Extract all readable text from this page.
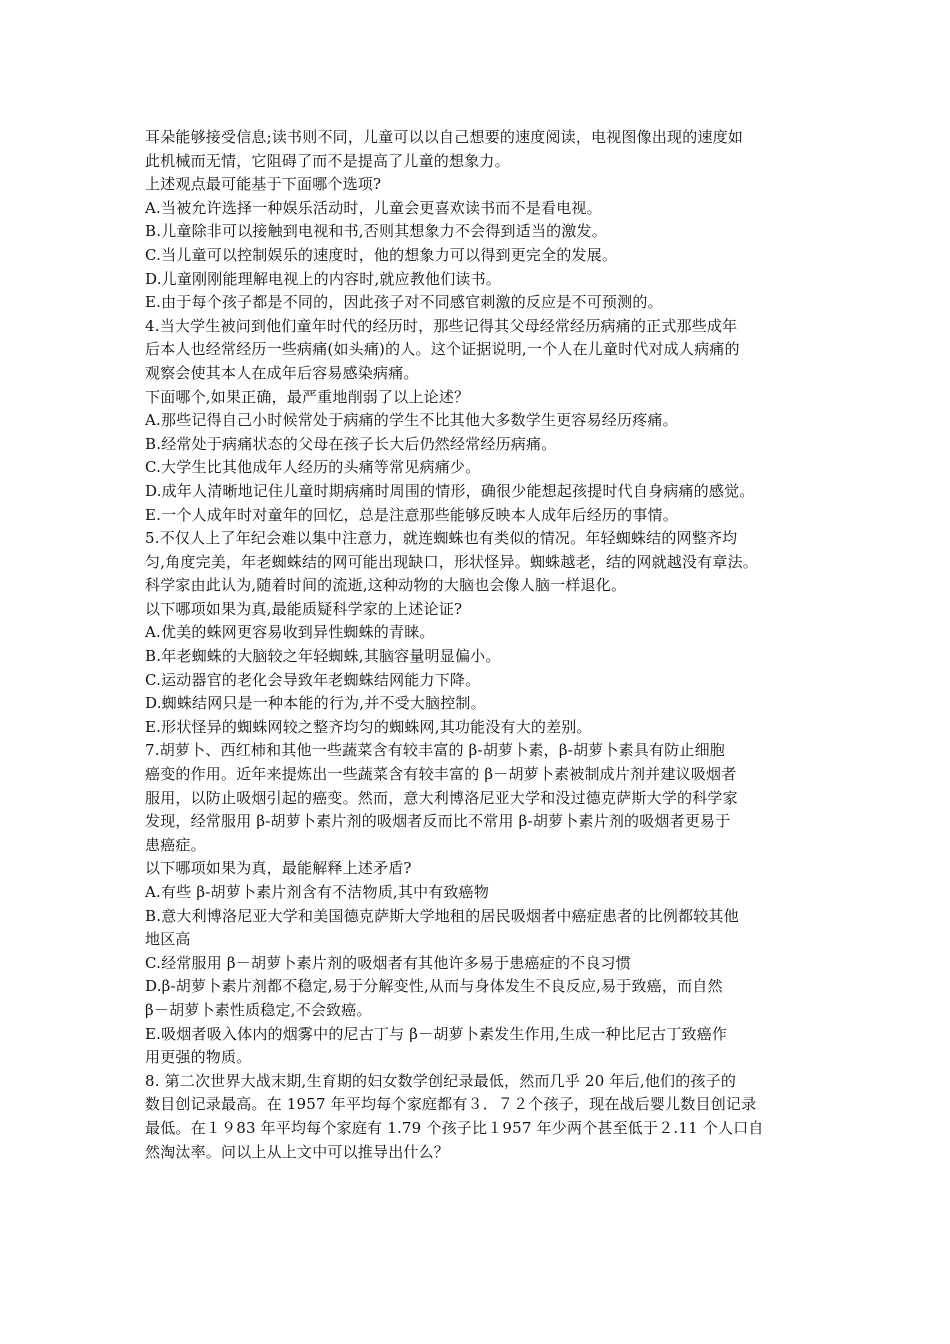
耳朵能够接受信息;读书则不同，儿童可以以自己想要的速度阅读，电视图像出现的速度如
此机械而无情，它阻碍了而不是提高了儿童的想象力。
上述观点最可能基于下面哪个选项?
A.当被允许选择一种娱乐活动时，儿童会更喜欢读书而不是看电视。
B.儿童除非可以接触到电视和书,否则其想象力不会得到适当的激发。
C.当儿童可以控制娱乐的速度时，他的想象力可以得到更完全的发展。
D.儿童刚刚能理解电视上的内容时,就应教他们读书。
E.由于每个孩子都是不同的，因此孩子对不同感官刺激的反应是不可预测的。
4.当大学生被问到他们童年时代的经历时，那些记得其父母经常经历病痛的正式那些成年
后本人也经常经历一些病痛(如头痛)的人。这个证据说明,一个人在儿童时代对成人病痛的
观察会使其本人在成年后容易感染病痛。
下面哪个,如果正确，最严重地削弱了以上论述？
A.那些记得自己小时候常处于病痛的学生不比其他大多数学生更容易经历疼痛。
B.经常处于病痛状态的父母在孩子长大后仍然经常经历病痛。
C.大学生比其他成年人经历的头痛等常见病痛少。
D.成年人清晰地记住儿童时期病痛时周围的情形，确很少能想起孩提时代自身病痛的感觉。
E.一个人成年时对童年的回忆，总是注意那些能够反映本人成年后经历的事情。
5.不仅人上了年纪会难以集中注意力，就连蜘蛛也有类似的情况。年轻蜘蛛结的网整齐均
匀,角度完美，年老蜘蛛结的网可能出现缺口，形状怪异。蜘蛛越老，结的网就越没有章法。
科学家由此认为,随着时间的流逝,这种动物的大脑也会像人脑一样退化。
以下哪项如果为真,最能质疑科学家的上述论证?
A.优美的蛛网更容易收到异性蜘蛛的青睐。
B.年老蜘蛛的大脑较之年轻蜘蛛,其脑容量明显偏小。
C.运动器官的老化会导致年老蜘蛛结网能力下降。
D.蜘蛛结网只是一种本能的行为,并不受大脑控制。
E.形状怪异的蜘蛛网较之整齐均匀的蜘蛛网,其功能没有大的差别。
7.胡萝卜、西红柿和其他一些蔬菜含有较丰富的 β-胡萝卜素，β-胡萝卜素具有防止细胞
癌变的作用。近年来提炼出一些蔬菜含有较丰富的 β－胡萝卜素被制成片剂并建议吸烟者
服用，以防止吸烟引起的癌变。然而，意大利博洛尼亚大学和没过德克萨斯大学的科学家
发现，经常服用 β-胡萝卜素片剂的吸烟者反而比不常用 β-胡萝卜素片剂的吸烟者更易于
患癌症。
以下哪项如果为真，最能解释上述矛盾?
A.有些 β-胡萝卜素片剂含有不洁物质,其中有致癌物
B.意大利博洛尼亚大学和美国德克萨斯大学地租的居民吸烟者中癌症患者的比例都较其他
地区高
C.经常服用 β－胡萝卜素片剂的吸烟者有其他许多易于患癌症的不良习惯
D.β-胡萝卜素片剂都不稳定,易于分解变性,从而与身体发生不良反应,易于致癌，而自然
β－胡萝卜素性质稳定,不会致癌。
E.吸烟者吸入体内的烟雾中的尼古丁与 β－胡萝卜素发生作用,生成一种比尼古丁致癌作
用更强的物质。
8. 第二次世界大战末期,生育期的妇女数学创纪录最低，然而几乎 20 年后,他们的孩子的
数目创记录最高。在 1957 年平均每个家庭都有３．７２个孩子，现在战后婴儿数目创记录
最低。在１９83 年平均每个家庭有 1.79 个孩子比１957 年少两个甚至低于２.11 个人口自
然淘汰率。问以上从上文中可以推导出什么？
